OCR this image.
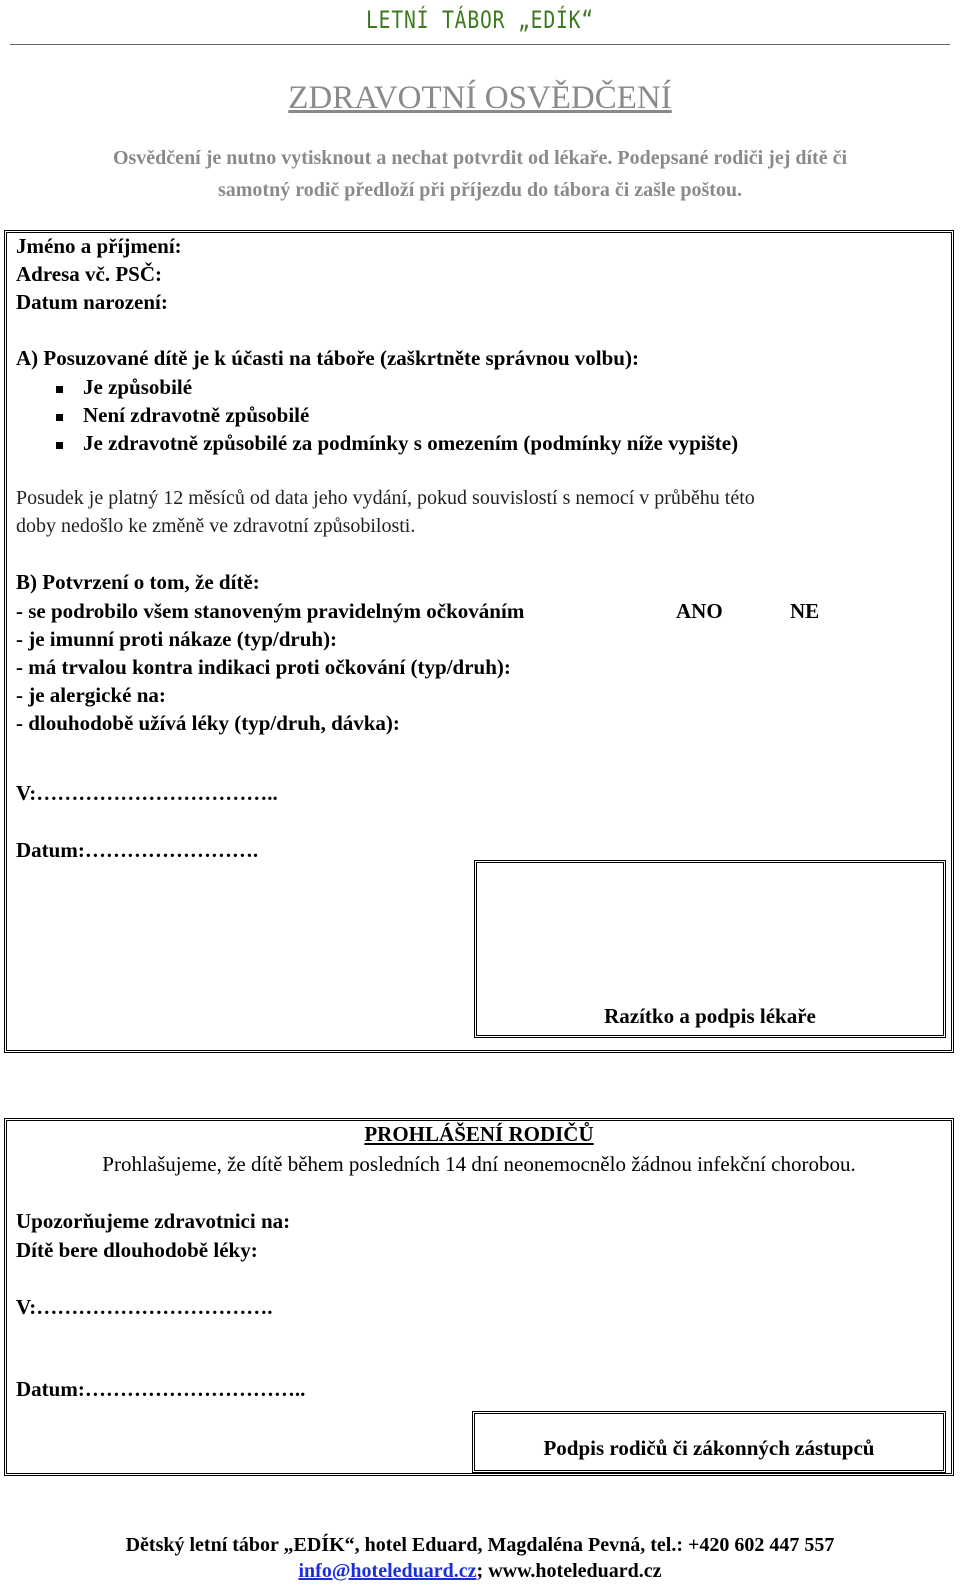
LETNÍ TÁBOR „EDÍK“
ZDRAVOTNÍ OSVĚDČENÍ
Osvědčení je nutno vytisknout a nechat potvrdit od lékaře. Podepsané rodiči jej dítě či
samotný rodič předloží při příjezdu do tábora či zašle poštou.
Jméno a příjmení:
Adresa vč. PSČ:
Datum narození:
A) Posuzované dítě je k účasti na táboře (zaškrtněte správnou volbu):
Je způsobilé
Není zdravotně způsobilé
Je zdravotně způsobilé za podmínky s omezením (podmínky níže vypište)
Posudek je platný 12 měsíců od data jeho vydání, pokud souvislostí s nemocí v průběhu této
doby nedošlo ke změně ve zdravotní způsobilosti.
B) Potvrzení o tom, že dítě:
- se podrobilo všem stanoveným pravidelným očkováním	ANO	NE
- je imunní proti nákaze (typ/druh):
- má trvalou kontra indikaci proti očkování (typ/druh):
- je alergické na:
- dlouhodobě užívá léky (typ/druh, dávka):
V:……………………………..
Datum:…………………….
Razítko a podpis lékaře
PROHLÁŠENÍ RODIČŮ
Prohlašujeme, že dítě během posledních 14 dní neonemocnělo žádnou infekční chorobou.
Upozorňujeme zdravotnici na:
Dítě bere dlouhodobě léky:
V:…………………………….
Datum:…………………………..
Podpis rodičů či zákonných zástupců
Dětský letní tábor „EDÍK“, hotel Eduard, Magdaléna Pevná, tel.: +420 602 447 557
info@hoteleduard.cz; www.hoteleduard.cz
